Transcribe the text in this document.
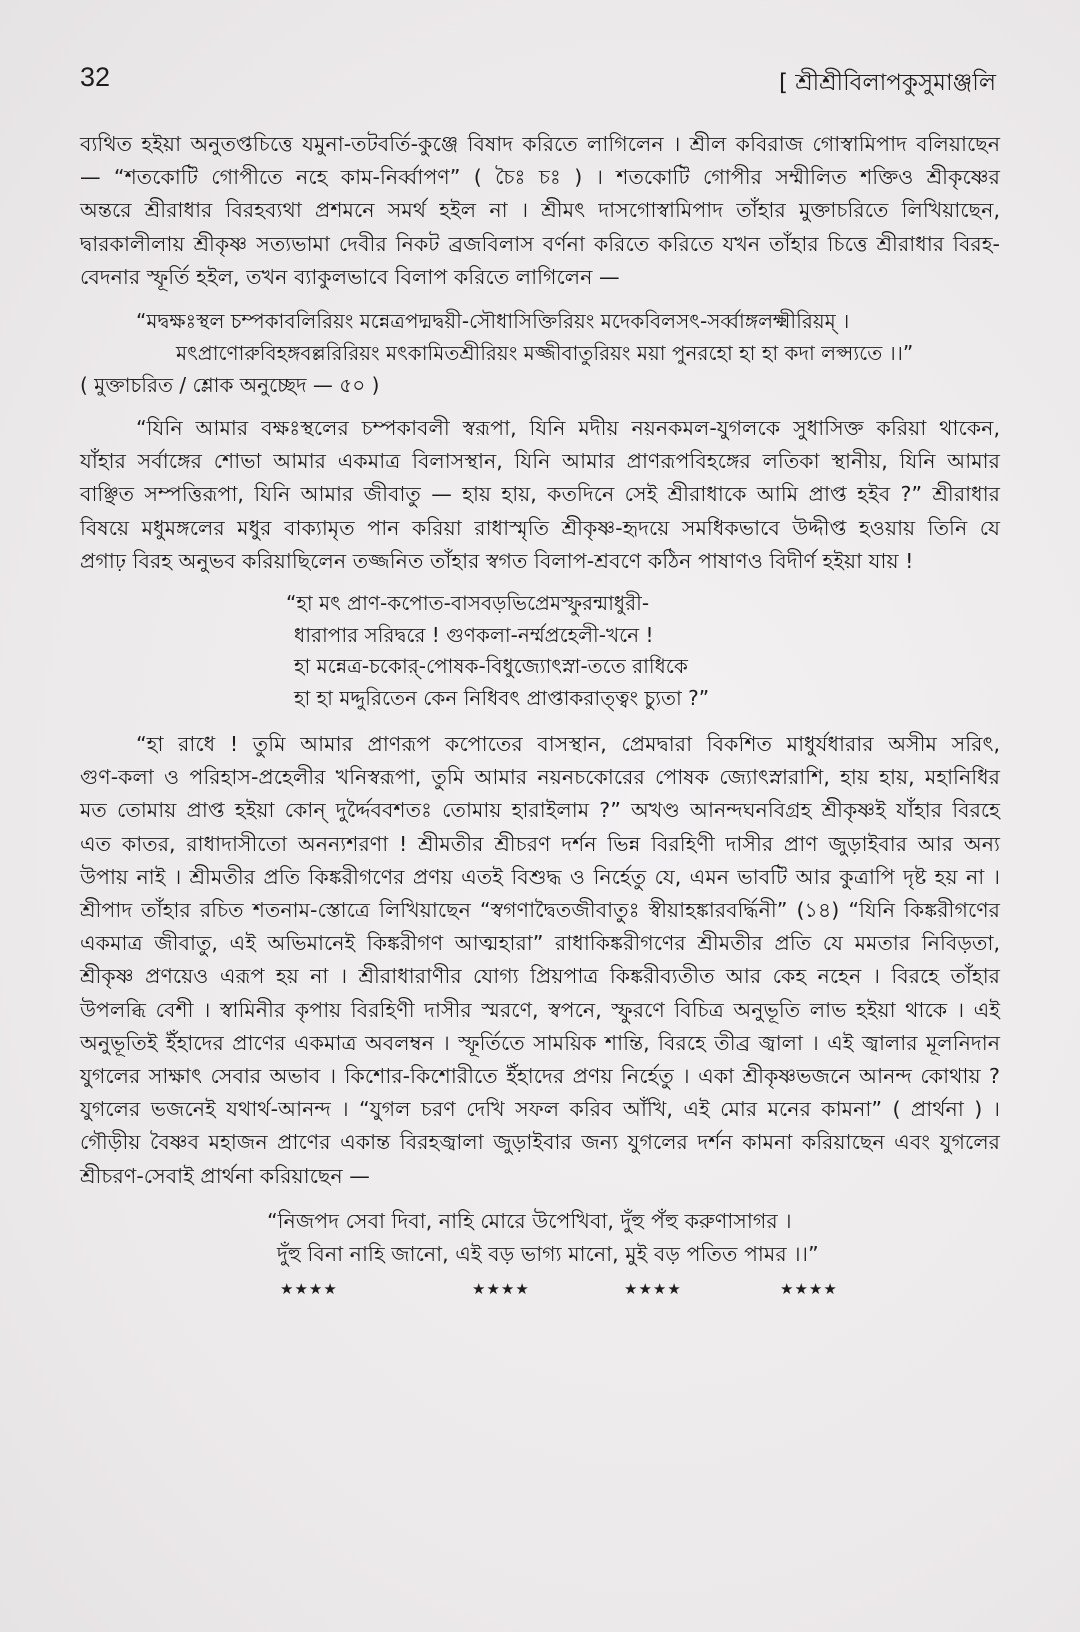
32	[ শ্রীশ্রীবিলাপকুসুমাঞ্জলি

ব্যথিত হইয়া অনুতপ্তচিত্তে যমুনা-তটবর্তি-কুঞ্জে বিষাদ করিতে লাগিলেন । শ্রীল কবিরাজ গোস্বামিপাদ বলিয়াছেন

— “শতকোটি গোপীতে নহে কাম-নির্ব্বাপণ” ( চৈঃ চঃ ) । শতকোটি গোপীর সম্মীলিত শক্তিও শ্রীকৃষ্ণের

অন্তরে শ্রীরাধার বিরহব্যথা প্রশমনে সমর্থ হইল না । শ্রীমৎ দাসগোস্বামিপাদ তাঁহার মুক্তাচরিতে লিখিয়াছেন,

দ্বারকালীলায় শ্রীকৃষ্ণ সত্যভামা দেবীর নিকট ব্রজবিলাস বর্ণনা করিতে করিতে যখন তাঁহার চিত্তে শ্রীরাধার বিরহ-

বেদনার স্ফূর্তি হইল, তখন ব্যাকুলভাবে বিলাপ করিতে লাগিলেন —

“মদ্বক্ষঃস্থল চম্পকাবলিরিয়ং মন্নেত্রপদ্মদ্বয়ী-সৌধাসিক্তিরিয়ং মদেকবিলসৎ-সর্ব্বাঙ্গলক্ষ্মীরিয়ম্ ।

মৎপ্রাণোরুবিহঙ্গবল্লরিরিয়ং মৎকামিতশ্রীরিয়ং মজ্জীবাতুরিয়ং ময়া পুনরহো হা হা কদা লপ্স্যতে ।।”

( মুক্তাচরিত / শ্লোক অনুচ্ছেদ — ৫০ )

“যিনি আমার বক্ষঃস্থলের চম্পকাবলী স্বরূপা, যিনি মদীয় নয়নকমল-যুগলকে সুধাসিক্ত করিয়া থাকেন,

যাঁহার সর্বাঙ্গের শোভা আমার একমাত্র বিলাসস্থান, যিনি আমার প্রাণরূপবিহঙ্গের লতিকা স্থানীয়, যিনি আমার

বাঞ্ছিত সম্পত্তিরূপা, যিনি আমার জীবাতু — হায় হায়, কতদিনে সেই শ্রীরাধাকে আমি প্রাপ্ত হইব ?” শ্রীরাধার

বিষয়ে মধুমঙ্গলের মধুর বাক্যামৃত পান করিয়া রাধাস্মৃতি শ্রীকৃষ্ণ-হৃদয়ে সমধিকভাবে উদ্দীপ্ত হওয়ায় তিনি যে

প্রগাঢ় বিরহ অনুভব করিয়াছিলেন তজ্জনিত তাঁহার স্বগত বিলাপ-শ্রবণে কঠিন পাষাণও বিদীর্ণ হইয়া যায় !

“হা মৎ প্রাণ-কপোত-বাসবড়ভিপ্রেমস্ফুরন্মাধুরী-

ধারাপার সরিদ্বরে ! গুণকলা-নর্ম্মপ্রহেলী-খনে !

হা মন্নেত্র-চকোর্-পোষক-বিধুজ্যোৎস্না-ততে রাধিকে

হা হা মদ্দুরিতেন কেন নিধিবৎ প্রাপ্তাকরাত্ত্বং চ্যুতা ?”

“হা রাধে ! তুমি আমার প্রাণরূপ কপোতের বাসস্থান, প্রেমদ্বারা বিকশিত মাধুর্যধারার অসীম সরিৎ,

গুণ-কলা ও পরিহাস-প্রহেলীর খনিস্বরূপা, তুমি আমার নয়নচকোরের পোষক জ্যোৎস্নারাশি, হায় হায়, মহানিধির

মত তোমায় প্রাপ্ত হইয়া কোন্ দুর্দ্দৈববশতঃ তোমায় হারাইলাম ?” অখণ্ড আনন্দঘনবিগ্রহ শ্রীকৃষ্ণই যাঁহার বিরহে

এত কাতর, রাধাদাসীতো অনন্যশরণা ! শ্রীমতীর শ্রীচরণ দর্শন ভিন্ন বিরহিণী দাসীর প্রাণ জুড়াইবার আর অন্য

উপায় নাই । শ্রীমতীর প্রতি কিঙ্করীগণের প্রণয় এতই বিশুদ্ধ ও নির্হেতু যে, এমন ভাবটি আর কুত্রাপি দৃষ্ট হয় না ।

শ্রীপাদ তাঁহার রচিত শতনাম-স্তোত্রে লিখিয়াছেন “স্বগণাদ্বৈতজীবাতুঃ স্বীয়াহঙ্কারবর্দ্ধিনী” (১৪) “যিনি কিঙ্করীগণের

একমাত্র জীবাতু, এই অভিমানেই কিঙ্করীগণ আত্মহারা” রাধাকিঙ্করীগণের শ্রীমতীর প্রতি যে মমতার নিবিড়তা,

শ্রীকৃষ্ণ প্রণয়েও এরূপ হয় না । শ্রীরাধারাণীর যোগ্য প্রিয়পাত্র কিঙ্করীব্যতীত আর কেহ নহেন । বিরহে তাঁহার

উপলব্ধি বেশী । স্বামিনীর কৃপায় বিরহিণী দাসীর স্মরণে, স্বপনে, স্ফুরণে বিচিত্র অনুভূতি লাভ হইয়া থাকে । এই

অনুভূতিই ইঁহাদের প্রাণের একমাত্র অবলম্বন । স্ফূর্তিতে সাময়িক শান্তি, বিরহে তীব্র জ্বালা । এই জ্বালার মূলনিদান

যুগলের সাক্ষাৎ সেবার অভাব । কিশোর-কিশোরীতে ইঁহাদের প্রণয় নির্হেতু । একা শ্রীকৃষ্ণভজনে আনন্দ কোথায় ?

যুগলের ভজনেই যথার্থ-আনন্দ । “যুগল চরণ দেখি সফল করিব আঁখি, এই মোর মনের কামনা” ( প্রার্থনা ) ।

গৌড়ীয় বৈষ্ণব মহাজন প্রাণের একান্ত বিরহজ্বালা জুড়াইবার জন্য যুগলের দর্শন কামনা করিয়াছেন এবং যুগলের

শ্রীচরণ-সেবাই প্রার্থনা করিয়াছেন —

“নিজপদ সেবা দিবা, নাহি মোরে উপেখিবা, দুঁহু পঁহু করুণাসাগর ।

দুঁহু বিনা নাহি জানো, এই বড় ভাগ্য মানো, মুই বড় পতিত পামর ।।”

★★★★	★★★★	★★★★	★★★★
